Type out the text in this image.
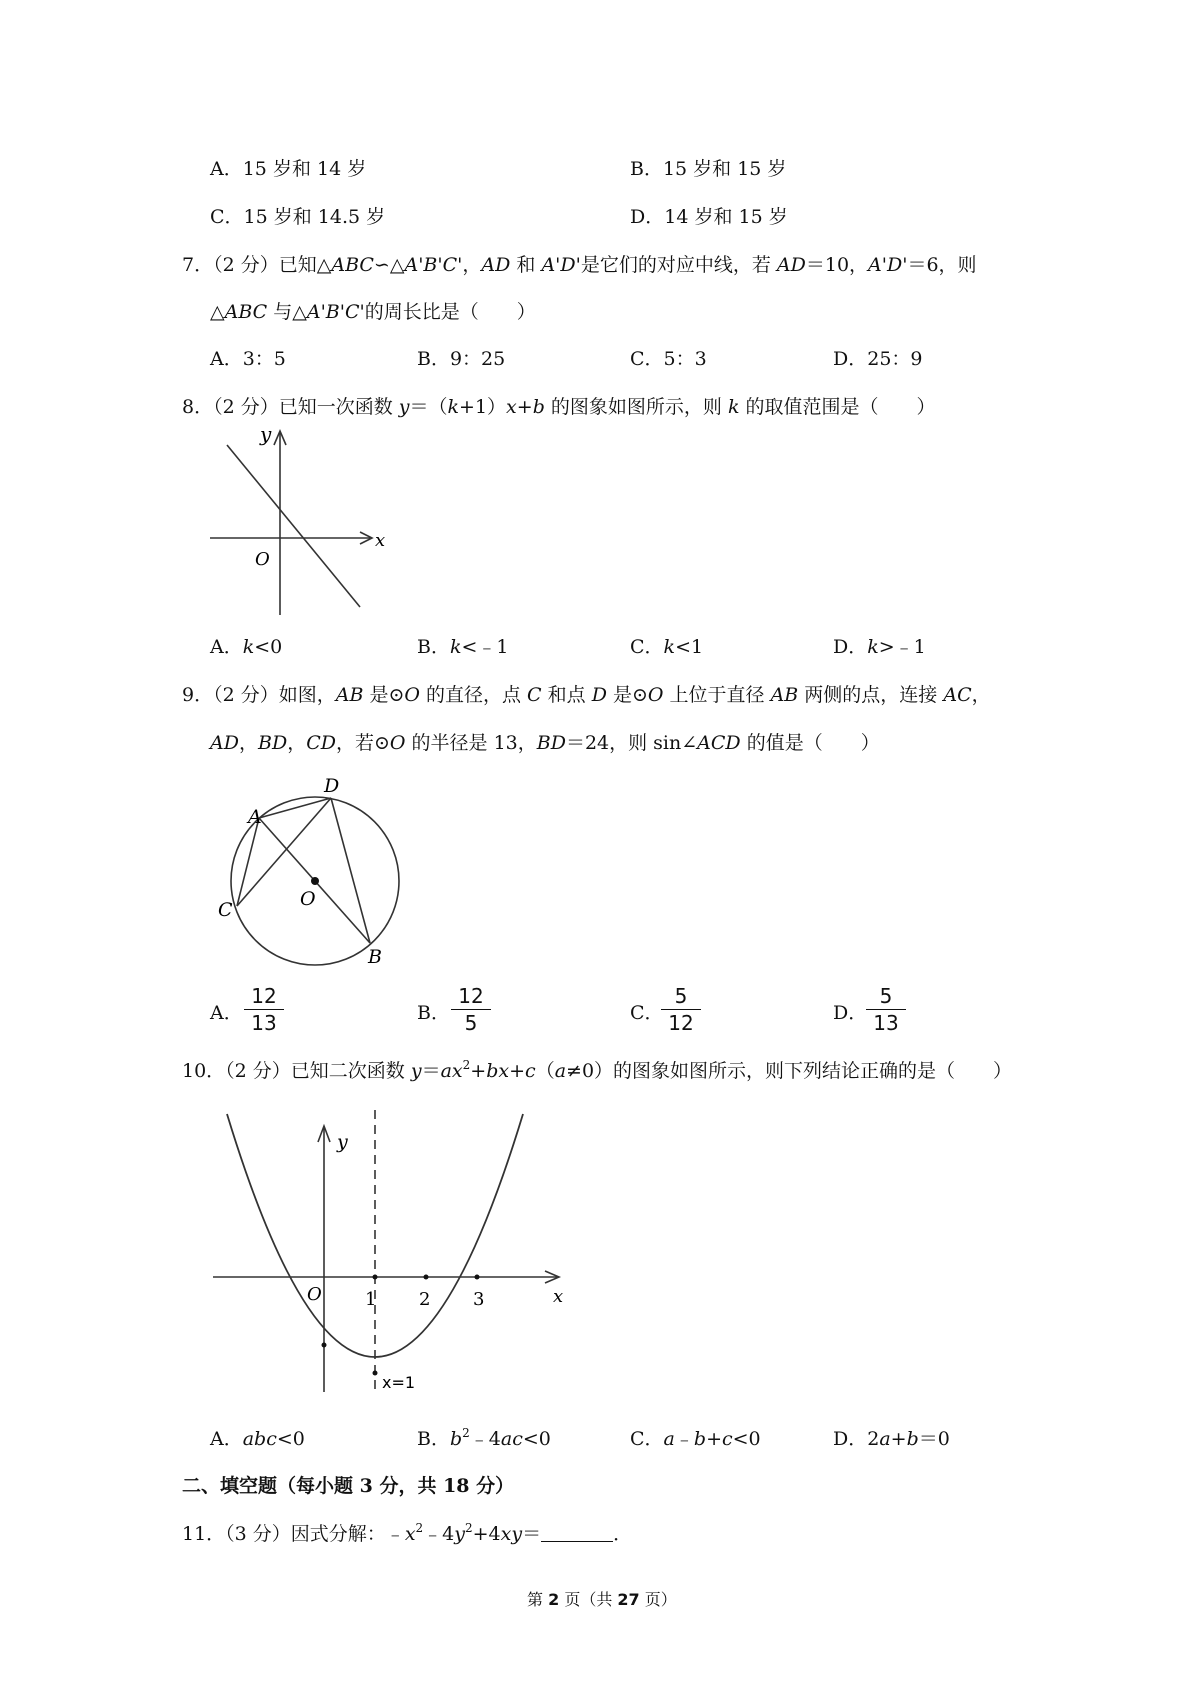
A．15 岁和 14 岁	B．15 岁和 15 岁
C．15 岁和 14.5 岁	D．14 岁和 15 岁
7．（2 分）已知△ABC∽△A'B'C'，AD 和 A'D'是它们的对应中线，若 AD＝10，A'D'＝6，则
△ABC 与△A'B'C'的周长比是（　　）
A．3：5	B．9：25	C．5：3	D．25：9
8．（2 分）已知一次函数 y＝（k+1）x+b 的图象如图所示，则 k 的取值范围是（　　）
y
x
O
A．k<0	B．k<﹣1	C．k<1	D．k>﹣1
9．（2 分）如图，AB 是⊙O 的直径，点 C 和点 D 是⊙O 上位于直径 AB 两侧的点，连接 AC，
AD，BD，CD，若⊙O 的半径是 13，BD＝24，则 sin∠ACD 的值是（　　）
A
D
C	O
B
A．
12
13	B．
12
5	C．
5
12	D．
5
13
10．（2 分）已知二次函数 $y=ax^2+bx+c(a\ne 0)$的图象如图所示，则下列结论正确的是（　　）
y
x
O 1 2 3
x=1
A．abc<0	B．$b^2﹣4ac<0$	C．a﹣b+c<0	D．2a+b＝0
二、填空题（每小题 3 分，共 18 分）
11．（3 分）因式分解：$﹣x^2﹣4y^2+4xy=$	．
第 2 页（共 27 页）
